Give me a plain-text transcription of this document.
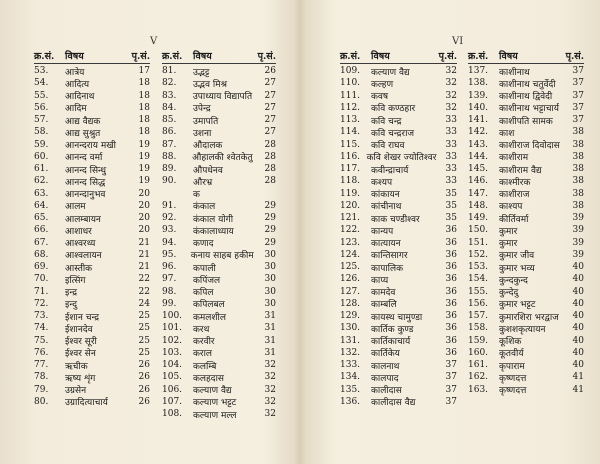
V
क्र.सं.	विषय	पृ.सं.
53.	आत्रेय	17
54.	आदित्य	18
55.	आदिनाथ	18
56.	आदिम	18
57.	आद्य वैद्यक	18
58.	आद्य सुश्रुत	18
59.	आनन्दराय मखी	19
60.	आनन्द वर्मा	19
61.	आनन्द सिन्धु	19
62.	आनन्द सिद्ध	19
63.	आनन्दानुभव	20
64.	आलम	20
65.	आलम्बायन	20
66.	आशाधर	20
67.	आश्वरथ्य	21
68.	आश्वलायन	21
69.	आस्तीक	21
70.	इत्सिंग	22
71.	इन्द्र	22
72.	इन्दु	24
73.	ईशान चन्द्र	25
74.	ईशानदेव	25
75.	ईश्वर सूरी	25
76.	ईश्वर सेन	25
77.	ऋचीक	26
78.	ऋष्य शृंग	26
79.	उग्रसेन	26
80.	उग्रादित्याचार्य	26
क्र.सं.	विषय	पृ.सं.
81.	उद्भट्ट	26
82.	उद्भव मिश्र	27
83.	उपाध्याय विद्यापति	27
84.	उपेन्द्र	27
85.	उमापति	27
86.	उशना	27
87.	औदालक	28
88.	औहालकी श्वेतकेतु	28
89.	औपधेनव	28
90.	औरभ्र	28
क
91.	कंकाल	29
92.	कंकाल योगी	29
93.	कंकालाध्याय	29
94.	कणाद	29
95.	कनाय साहब हकीम	30
96.	कपाली	30
97.	कपिंजल	30
98.	कपिल	30
99.	कपिलबल	30
100.	कमलशील	31
101.	करथ	31
102.	करवीर	31
103.	कराल	31
104.	कलम्बि	32
105.	कलहदास	32
106.	कल्याण वैद्य	32
107.	कल्याण भट्टट	32
108.	कल्याण मल्ल	32
VI
क्र.सं.	विषय	पृ.सं.
109.	कल्याण वैद्य	32
110.	कल्हण	32
111.	कवष	32
112.	कवि कण्ठहार	32
113.	कवि चन्द्र	33
114.	कवि चन्द्रराज	33
115.	कवि राघव	33
116. कवि शेखर ज्योतिश्वर	33
117.	कवीन्द्राचार्य	33
118.	कश्यप	33
119.	कांकायन	35
120.	कांचीनाथ	35
121.	काक चण्डीश्वर	35
122.	कान्यप	36
123.	कात्यायन	36
124.	कान्तिसागर	36
125.	कापालिक	36
126.	काप्य	36
127.	कामदेव	36
128.	काम्बलि	36
129.	कायस्थ चामुण्डा	36
130.	कार्तिक कुण्ड	36
131.	कार्तिकाचार्य	36
132.	कार्तिकेय	36
133.	कालनाथ	37
134.	कालपाद	37
135.	कालीदास	37
136.	कालीदास वैद्य	37
क्र.सं.	विषय	पृ.सं.
137.	काशीनाथ	37
138.	काशीनाथ चतुर्वेदी	37
139.	काशीनाथ द्विवेदी	37
140.	काशीनाथ भट्टाचार्य	37
141.	काशीपति सामक	37
142.	काश	38
143.	काशीराज दिवोदास	38
144.	काशीराम	38
145.	काशीराम वैद्य	38
146.	काश्मीरक	38
147.	काशीराज	38
148.	काश्यप	38
149.	कीर्तिवर्मा	39
150.	कुमार	39
151.	कुमार	39
152.	कुमार जीव	39
153.	कुमार भव्य	40
154.	कुन्दकुन्द	40
155.	कुन्देदु	40
156.	कुमार भट्टट	40
157.	कुमारशिरा भरद्वाज	40
158.	कुशशकृत्यायन	40
159.	कूशिक	40
160.	कूतवीर्य	40
161.	कृपाराम	40
162.	कृष्णदत्त	41
163.	कृष्णदत्त	41
